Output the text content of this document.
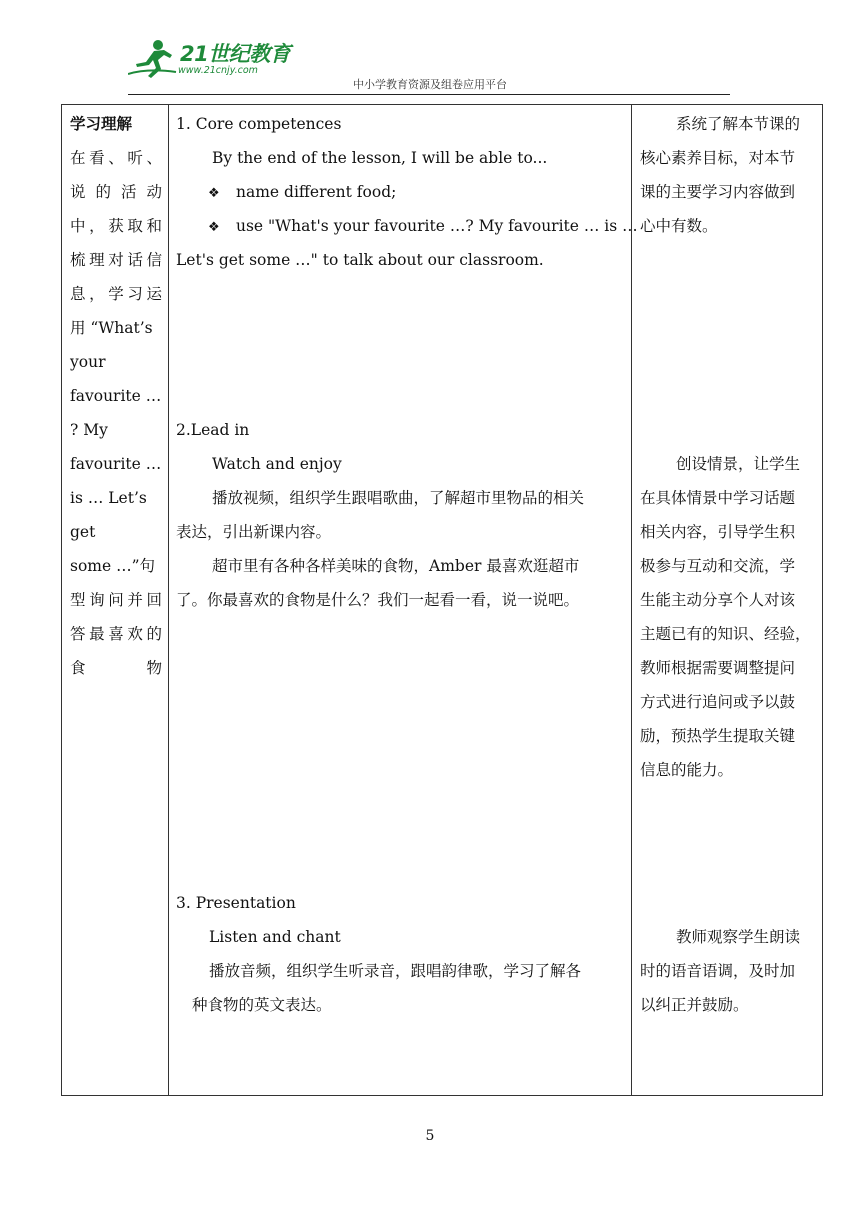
21世纪教育
www.21cnjy.com
中小学教育资源及组卷应用平台
学习理解
在 看 、 听 、
说 的 活 动
中 ， 获 取 和
梳 理 对 话 信
息 ， 学 习 运
用 “What’s
your
favourite …
? My
favourite …
is … Let’s
get
some …”句
型 询 问 并 回
答 最 喜 欢 的
食	物
1. Core competences
By the end of the lesson, I will be able to...
❖ name different food;
❖ use "What's your favourite …? My favourite … is …
Let's get some …" to talk about our classroom.
2.Lead in
Watch and enjoy
播放视频，组织学生跟唱歌曲，了解超市里物品的相关
表达，引出新课内容。
超市里有各种各样美味的食物，Amber 最喜欢逛超市
了。你最喜欢的食物是什么？我们一起看一看，说一说吧。
3. Presentation
Listen and chant
播放音频，组织学生听录音，跟唱韵律歌，学习了解各
种食物的英文表达。
系统了解本节课的
核心素养目标，对本节
课的主要学习内容做到
心中有数。
创设情景，让学生
在具体情景中学习话题
相关内容，引导学生积
极参与互动和交流，学
生能主动分享个人对该
主题已有的知识、经验，
教师根据需要调整提问
方式进行追问或予以鼓
励，预热学生提取关键
信息的能力。
教师观察学生朗读
时的语音语调，及时加
以纠正并鼓励。
5
